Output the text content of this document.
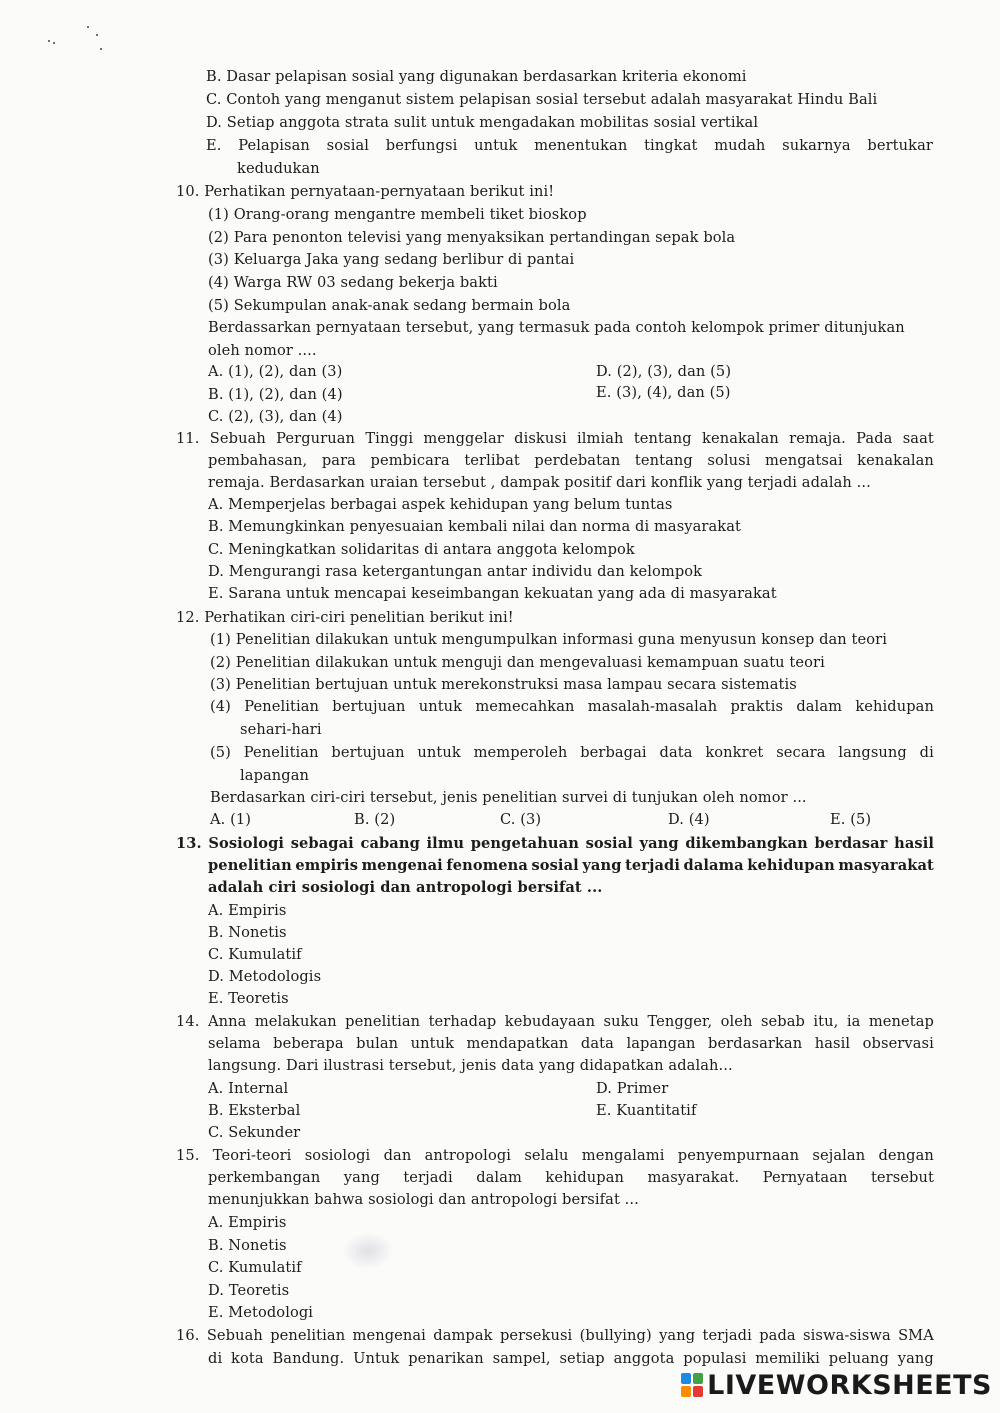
B. Dasar pelapisan sosial yang digunakan berdasarkan kriteria ekonomi
C. Contoh yang menganut sistem pelapisan sosial tersebut adalah masyarakat Hindu Bali
D. Setiap anggota strata sulit untuk mengadakan mobilitas sosial vertikal
E. Pelapisan sosial berfungsi untuk menentukan tingkat mudah sukarnya bertukar
kedudukan
10. Perhatikan pernyataan-pernyataan berikut ini!
(1) Orang-orang mengantre membeli tiket bioskop
(2) Para penonton televisi yang menyaksikan pertandingan sepak bola
(3) Keluarga Jaka yang sedang berlibur di pantai
(4) Warga RW 03 sedang bekerja bakti
(5) Sekumpulan anak-anak sedang bermain bola
Berdassarkan pernyataan tersebut, yang termasuk pada contoh kelompok primer ditunjukan
oleh nomor ....
A. (1), (2), dan (3)	D. (2), (3), dan (5)
B. (1), (2), dan (4)	E. (3), (4), dan (5)
C. (2), (3), dan (4)
11. Sebuah Perguruan Tinggi menggelar diskusi ilmiah tentang kenakalan remaja. Pada saat
pembahasan, para pembicara terlibat perdebatan tentang solusi mengatsai kenakalan
remaja. Berdasarkan uraian tersebut , dampak positif dari konflik yang terjadi adalah ...
A. Memperjelas berbagai aspek kehidupan yang belum tuntas
B. Memungkinkan penyesuaian kembali nilai dan norma di masyarakat
C. Meningkatkan solidaritas di antara anggota kelompok
D. Mengurangi rasa ketergantungan antar individu dan kelompok
E. Sarana untuk mencapai keseimbangan kekuatan yang ada di masyarakat
12. Perhatikan ciri-ciri penelitian berikut ini!
(1) Penelitian dilakukan untuk mengumpulkan informasi guna menyusun konsep dan teori
(2) Penelitian dilakukan untuk menguji dan mengevaluasi kemampuan suatu teori
(3) Penelitian bertujuan untuk merekonstruksi masa lampau secara sistematis
(4) Penelitian bertujuan untuk memecahkan masalah-masalah praktis dalam kehidupan
sehari-hari
(5) Penelitian bertujuan untuk memperoleh berbagai data konkret secara langsung di
lapangan
Berdasarkan ciri-ciri tersebut, jenis penelitian survei di tunjukan oleh nomor ...
A. (1)	B. (2)	C. (3)	D. (4)	E. (5)
13. Sosiologi sebagai cabang ilmu pengetahuan sosial yang dikembangkan berdasar hasil
penelitian empiris mengenai fenomena sosial yang terjadi dalama kehidupan masyarakat
adalah ciri sosiologi dan antropologi bersifat ...
A. Empiris
B. Nonetis
C. Kumulatif
D. Metodologis
E. Teoretis
14. Anna melakukan penelitian terhadap kebudayaan suku Tengger, oleh sebab itu, ia menetap
selama beberapa bulan untuk mendapatkan data lapangan berdasarkan hasil observasi
langsung. Dari ilustrasi tersebut, jenis data yang didapatkan adalah...
A. Internal	D. Primer
B. Eksterbal	E. Kuantitatif
C. Sekunder
15. Teori-teori sosiologi dan antropologi selalu mengalami penyempurnaan sejalan dengan
perkembangan yang terjadi dalam kehidupan masyarakat. Pernyataan tersebut
menunjukkan bahwa sosiologi dan antropologi bersifat ...
A. Empiris
B. Nonetis
C. Kumulatif
D. Teoretis
E. Metodologi
16. Sebuah penelitian mengenai dampak persekusi (bullying) yang terjadi pada siswa-siswa SMA
di kota Bandung. Untuk penarikan sampel, setiap anggota populasi memiliki peluang yang
LIVEWORKSHEETS
